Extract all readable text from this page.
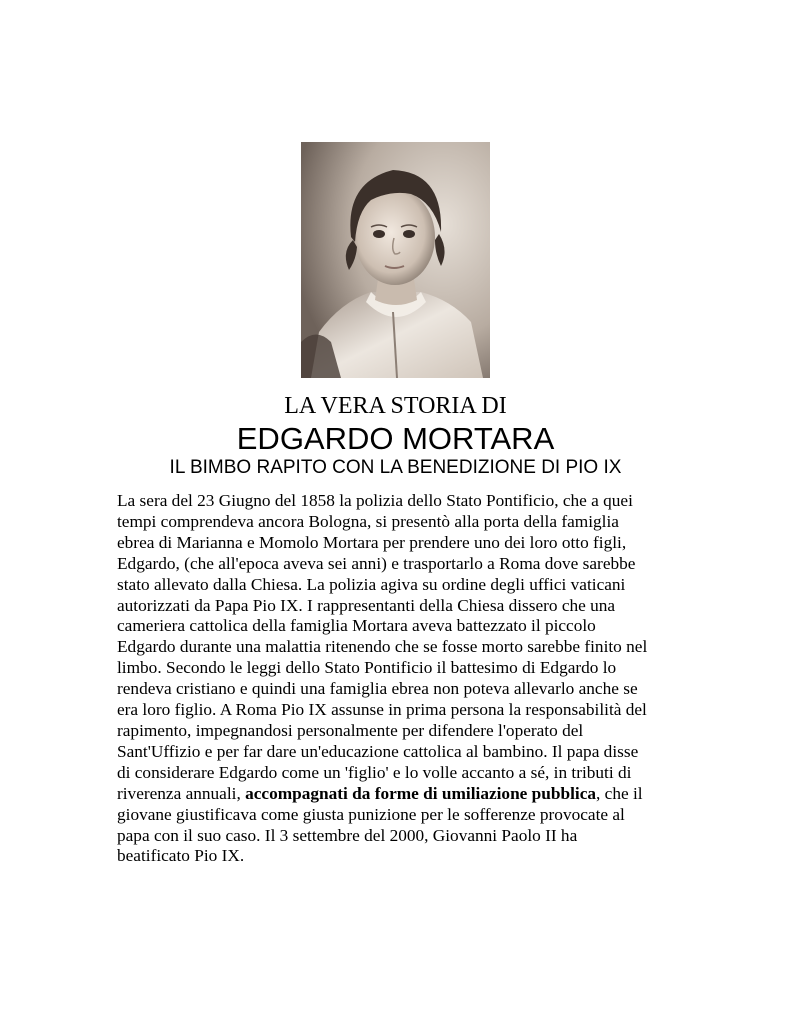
LA VERA STORIA DI
EDGARDO MORTARA
IL BIMBO RAPITO CON LA BENEDIZIONE DI PIO IX

La sera del 23 Giugno del 1858 la polizia dello Stato Pontificio, che a quei
tempi comprendeva ancora Bologna, si presentò alla porta della famiglia
ebrea di Marianna e Momolo Mortara per prendere uno dei loro otto figli,
Edgardo, (che all'epoca aveva sei anni) e trasportarlo a Roma dove sarebbe
stato allevato dalla Chiesa. La polizia agiva su ordine degli uffici vaticani
autorizzati da Papa Pio IX. I rappresentanti della Chiesa dissero che una
cameriera cattolica della famiglia Mortara aveva battezzato il piccolo
Edgardo durante una malattia ritenendo che se fosse morto sarebbe finito nel
limbo. Secondo le leggi dello Stato Pontificio il battesimo di Edgardo lo
rendeva cristiano e quindi una famiglia ebrea non poteva allevarlo anche se
era loro figlio. A Roma Pio IX assunse in prima persona la responsabilità del
rapimento, impegnandosi personalmente per difendere l'operato del
Sant'Uffizio e per far dare un'educazione cattolica al bambino. Il papa disse
di considerare Edgardo come un 'figlio' e lo volle accanto a sé, in tributi di
riverenza annuali, accompagnati da forme di umiliazione pubblica, che il
giovane giustificava come giusta punizione per le sofferenze provocate al
papa con il suo caso. Il 3 settembre del 2000, Giovanni Paolo II ha
beatificato Pio IX.
